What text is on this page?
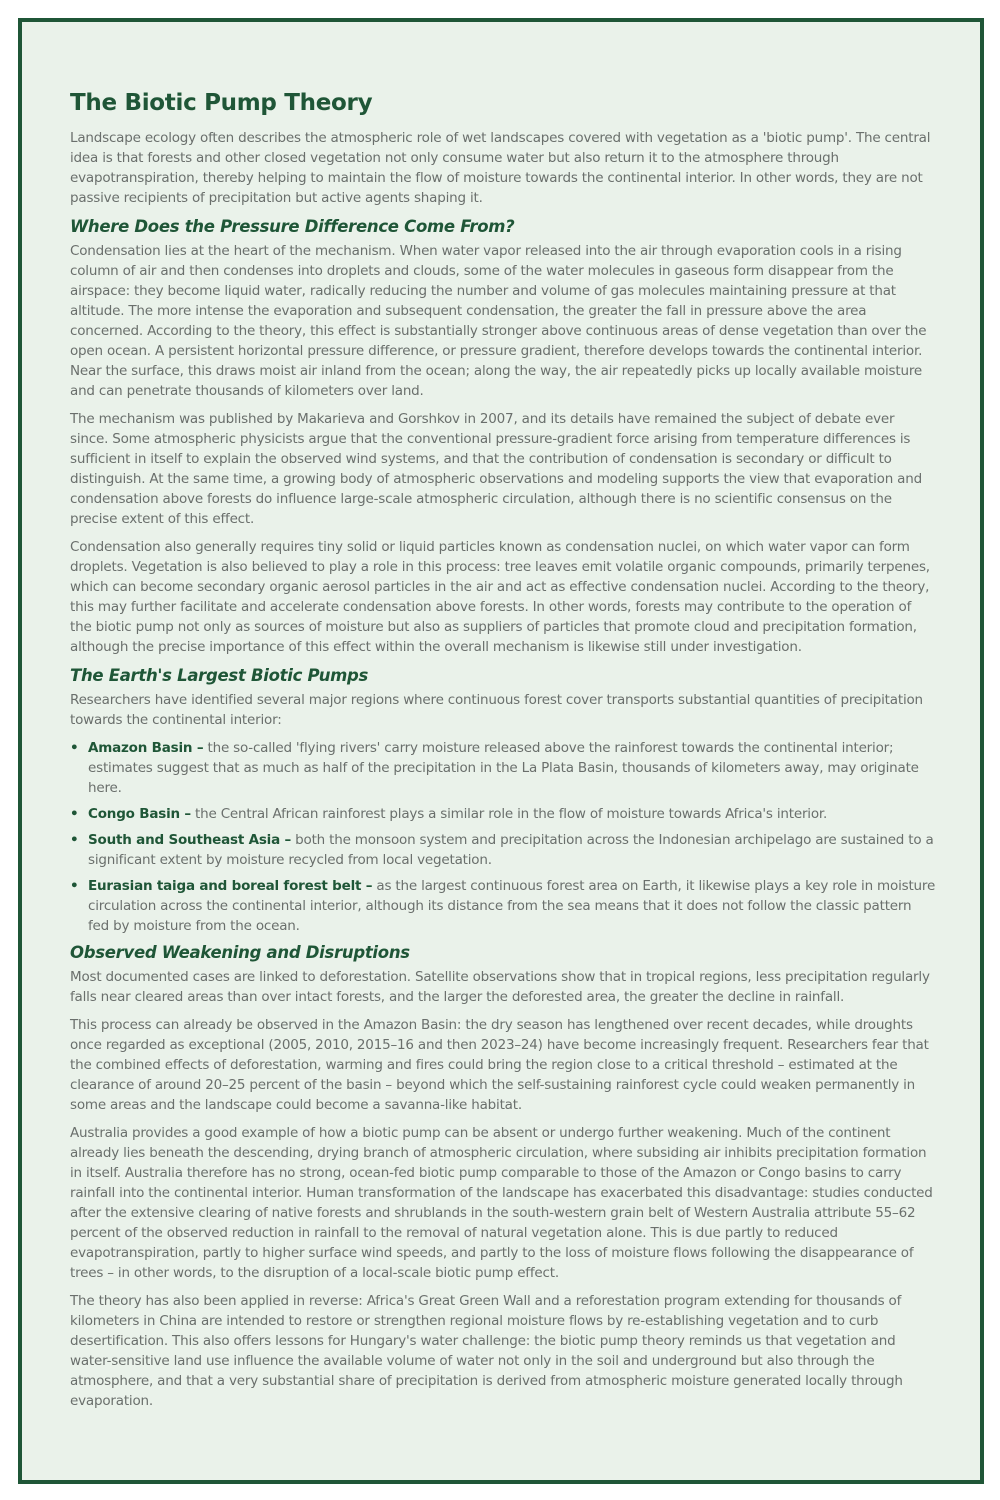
The Biotic Pump Theory

Landscape ecology often describes the atmospheric role of wet landscapes covered with vegetation as a 'biotic pump'. The central idea is that forests and other closed vegetation not only consume water but also return it to the atmosphere through evapotranspiration, thereby helping to maintain the flow of moisture towards the continental interior. In other words, they are not passive recipients of precipitation but active agents shaping it.

Where Does the Pressure Difference Come From?

Condensation lies at the heart of the mechanism. When water vapor released into the air through evaporation cools in a rising column of air and then condenses into droplets and clouds, some of the water molecules in gaseous form disappear from the airspace: they become liquid water, radically reducing the number and volume of gas molecules maintaining pressure at that altitude. The more intense the evaporation and subsequent condensation, the greater the fall in pressure above the area concerned. According to the theory, this effect is substantially stronger above continuous areas of dense vegetation than over the open ocean. A persistent horizontal pressure difference, or pressure gradient, therefore develops towards the continental interior. Near the surface, this draws moist air inland from the ocean; along the way, the air repeatedly picks up locally available moisture and can penetrate thousands of kilometers over land.

The mechanism was published by Makarieva and Gorshkov in 2007, and its details have remained the subject of debate ever since. Some atmospheric physicists argue that the conventional pressure-gradient force arising from temperature differences is sufficient in itself to explain the observed wind systems, and that the contribution of condensation is secondary or difficult to distinguish. At the same time, a growing body of atmospheric observations and modeling supports the view that evaporation and condensation above forests do influence large-scale atmospheric circulation, although there is no scientific consensus on the precise extent of this effect.

Condensation also generally requires tiny solid or liquid particles known as condensation nuclei, on which water vapor can form droplets. Vegetation is also believed to play a role in this process: tree leaves emit volatile organic compounds, primarily terpenes, which can become secondary organic aerosol particles in the air and act as effective condensation nuclei. According to the theory, this may further facilitate and accelerate condensation above forests. In other words, forests may contribute to the operation of the biotic pump not only as sources of moisture but also as suppliers of particles that promote cloud and precipitation formation, although the precise importance of this effect within the overall mechanism is likewise still under investigation.

The Earth's Largest Biotic Pumps

Researchers have identified several major regions where continuous forest cover transports substantial quantities of precipitation towards the continental interior:

• Amazon Basin – the so-called 'flying rivers' carry moisture released above the rainforest towards the continental interior; estimates suggest that as much as half of the precipitation in the La Plata Basin, thousands of kilometers away, may originate here.
• Congo Basin – the Central African rainforest plays a similar role in the flow of moisture towards Africa's interior.
• South and Southeast Asia – both the monsoon system and precipitation across the Indonesian archipelago are sustained to a significant extent by moisture recycled from local vegetation.
• Eurasian taiga and boreal forest belt – as the largest continuous forest area on Earth, it likewise plays a key role in moisture circulation across the continental interior, although its distance from the sea means that it does not follow the classic pattern fed by moisture from the ocean.
Observed Weakening and Disruptions

Most documented cases are linked to deforestation. Satellite observations show that in tropical regions, less precipitation regularly falls near cleared areas than over intact forests, and the larger the deforested area, the greater the decline in rainfall.

This process can already be observed in the Amazon Basin: the dry season has lengthened over recent decades, while droughts once regarded as exceptional (2005, 2010, 2015–16 and then 2023–24) have become increasingly frequent. Researchers fear that the combined effects of deforestation, warming and fires could bring the region close to a critical threshold – estimated at the clearance of around 20–25 percent of the basin – beyond which the self-sustaining rainforest cycle could weaken permanently in some areas and the landscape could become a savanna-like habitat.

Australia provides a good example of how a biotic pump can be absent or undergo further weakening. Much of the continent already lies beneath the descending, drying branch of atmospheric circulation, where subsiding air inhibits precipitation formation in itself. Australia therefore has no strong, ocean-fed biotic pump comparable to those of the Amazon or Congo basins to carry rainfall into the continental interior. Human transformation of the landscape has exacerbated this disadvantage: studies conducted after the extensive clearing of native forests and shrublands in the south-western grain belt of Western Australia attribute 55–62 percent of the observed reduction in rainfall to the removal of natural vegetation alone. This is due partly to reduced evapotranspiration, partly to higher surface wind speeds, and partly to the loss of moisture flows following the disappearance of trees – in other words, to the disruption of a local-scale biotic pump effect.

The theory has also been applied in reverse: Africa's Great Green Wall and a reforestation program extending for thousands of kilometers in China are intended to restore or strengthen regional moisture flows by re-establishing vegetation and to curb desertification. This also offers lessons for Hungary's water challenge: the biotic pump theory reminds us that vegetation and water-sensitive land use influence the available volume of water not only in the soil and underground but also through the atmosphere, and that a very substantial share of precipitation is derived from atmospheric moisture generated locally through evaporation.
